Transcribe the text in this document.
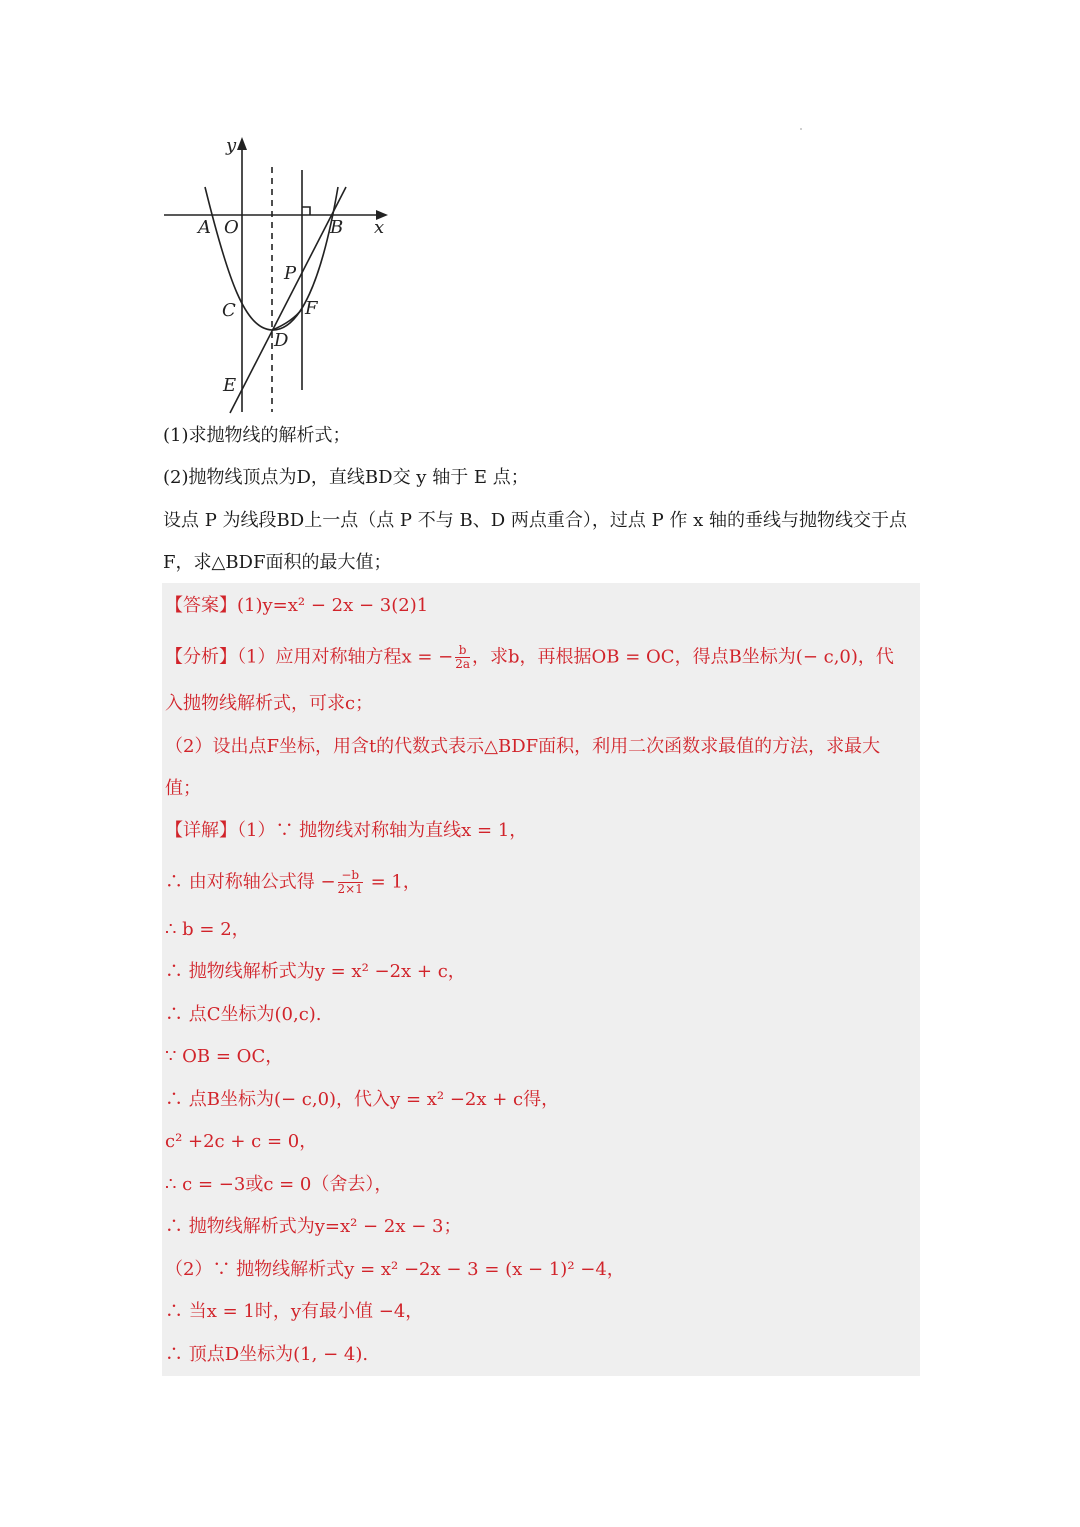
y
x
A O	B
P
C	F
D
E
(1)求抛物线的解析式；
(2)抛物线顶点为D，直线BD交 y 轴于 E 点；
设点 P 为线段BD上一点（点 P 不与 B、D 两点重合），过点 P 作 x 轴的垂线与抛物线交于点
F，求△BDF面积的最大值；
【答案】(1)y=x² − 2x − 3(2)1
【分析】（1）应用对称轴方程x = − $\frac{b}{2a}$ ，求b，再根据OB = OC，得点B坐标为(− c,0)，代
入抛物线解析式，可求c；
（2）设出点F坐标，用含t的代数式表示△BDF面积，利用二次函数求最值的方法，求最大
值；
【详解】（1）∵ 抛物线对称轴为直线x = 1，
∴ 由对称轴公式得 − $\frac{-b}{2\times 1} = 1$，
∴ b = 2，
∴ 抛物线解析式为y = x² −2x + c，
∴ 点C坐标为(0,c).
∵ OB = OC，
∴ 点B坐标为(− c,0)，代入y = x² −2x + c得，
c² +2c + c = 0，
∴ c = −3或c = 0（舍去），
∴ 抛物线解析式为y=x² − 2x − 3；
（2）∵ 抛物线解析式y = x² −2x − 3 = (x − 1)² −4，
∴ 当x = 1时，y有最小值 −4，
∴ 顶点D坐标为(1, − 4).
